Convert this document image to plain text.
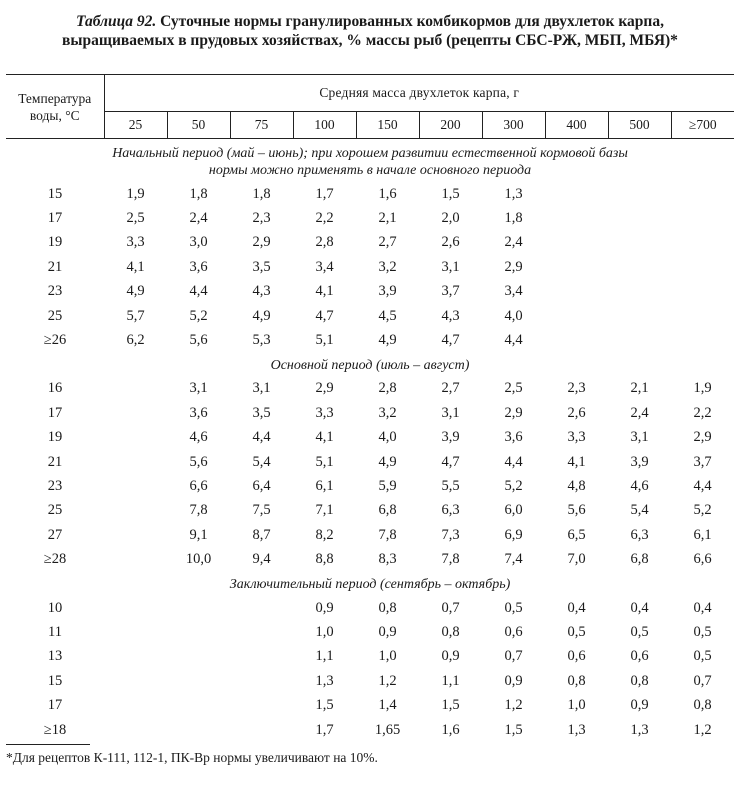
Таблица 92. Суточные нормы гранулированных комбикормов для двухлеток карпа,
выращиваемых в прудовых хозяйствах, % массы рыб (рецепты СБС-РЖ, МБП, МБЯ)*
Температура
воды, °С	Средняя масса двухлеток карпа, г									
	25	50	75	100	150	200	300	400	500	≥700

Начальный период (май – июнь); при хорошем развитии естественной кормовой базы
нормы можно применять в начале основного периода										

15	1,9	1,8	1,8	1,7	1,6	1,5	1,3			
17	2,5	2,4	2,3	2,2	2,1	2,0	1,8			
19	3,3	3,0	2,9	2,8	2,7	2,6	2,4			
21	4,1	3,6	3,5	3,4	3,2	3,1	2,9			
23	4,9	4,4	4,3	4,1	3,9	3,7	3,4			
25	5,7	5,2	4,9	4,7	4,5	4,3	4,0			
≥26	6,2	5,6	5,3	5,1	4,9	4,7	4,4			

Основной период (июль – август)										

16		3,1	3,1	2,9	2,8	2,7	2,5	2,3	2,1	1,9
17		3,6	3,5	3,3	3,2	3,1	2,9	2,6	2,4	2,2
19		4,6	4,4	4,1	4,0	3,9	3,6	3,3	3,1	2,9
21		5,6	5,4	5,1	4,9	4,7	4,4	4,1	3,9	3,7
23		6,6	6,4	6,1	5,9	5,5	5,2	4,8	4,6	4,4
25		7,8	7,5	7,1	6,8	6,3	6,0	5,6	5,4	5,2
27		9,1	8,7	8,2	7,8	7,3	6,9	6,5	6,3	6,1
≥28		10,0	9,4	8,8	8,3	7,8	7,4	7,0	6,8	6,6

Заключительный период (сентябрь – октябрь)										

10				0,9	0,8	0,7	0,5	0,4	0,4	0,4
11				1,0	0,9	0,8	0,6	0,5	0,5	0,5
13				1,1	1,0	0,9	0,7	0,6	0,6	0,5
15				1,3	1,2	1,1	0,9	0,8	0,8	0,7
17				1,5	1,4	1,5	1,2	1,0	0,9	0,8
≥18				1,7	1,65	1,6	1,5	1,3	1,3	1,2
*Для рецептов К-111, 112-1, ПК-Вр нормы увеличивают на 10%.
